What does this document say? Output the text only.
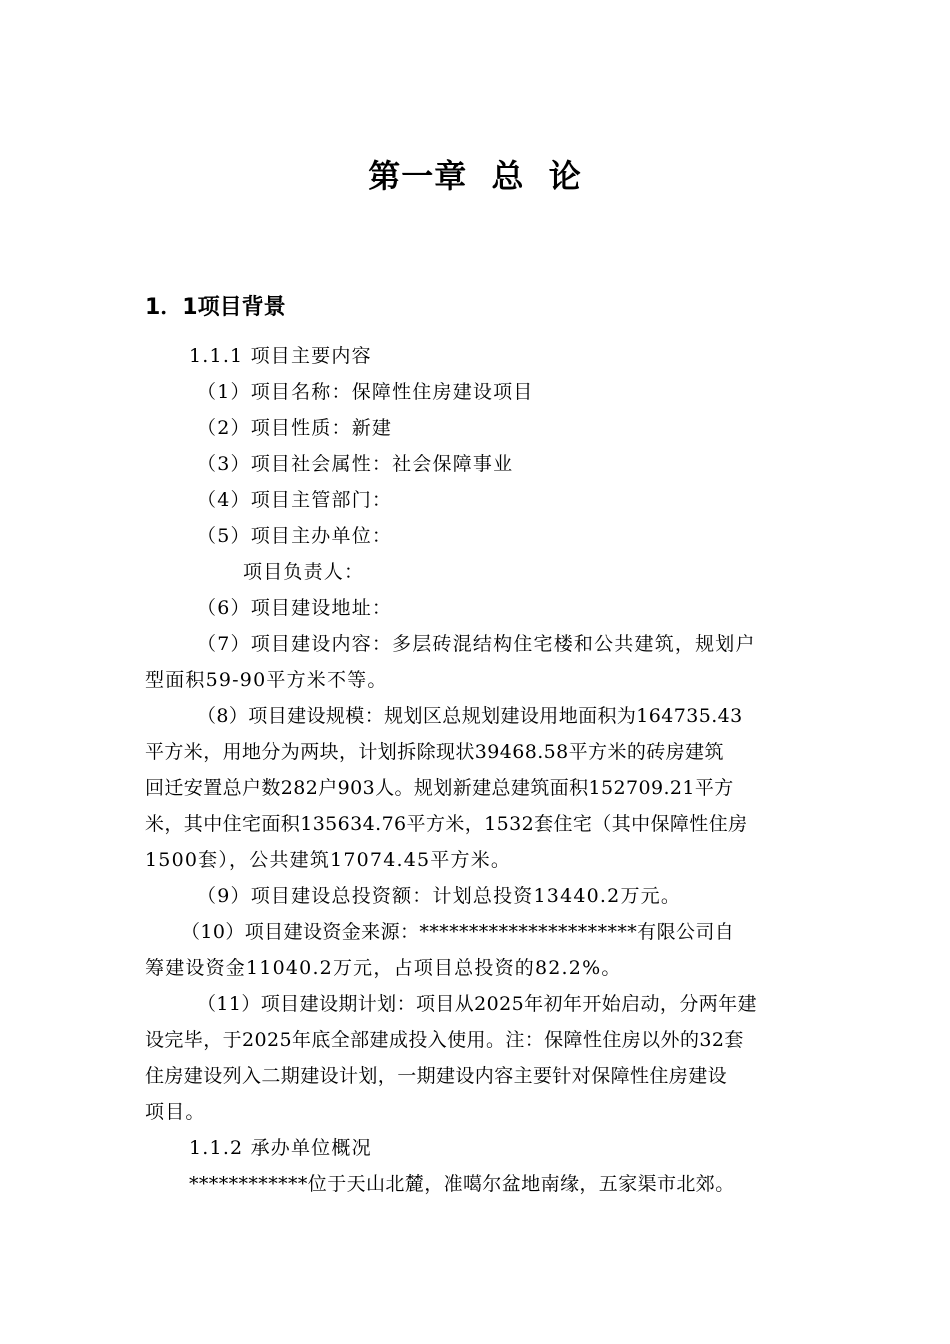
第一章  总  论
1．1项目背景
1.1.1 项目主要内容
（1）项目名称：保障性住房建设项目
（2）项目性质：新建
（3）项目社会属性：社会保障事业
（4）项目主管部门：
（5）项目主办单位：
项目负责人：
（6）项目建设地址：
（7）项目建设内容：多层砖混结构住宅楼和公共建筑，规划户
型面积59-90平方米不等。
（8）项目建设规模：规划区总规划建设用地面积为164735.43
平方米，用地分为两块，计划拆除现状39468.58平方米的砖房建筑
回迁安置总户数282户903人。规划新建总建筑面积152709.21平方
米，其中住宅面积135634.76平方米，1532套住宅（其中保障性住房
1500套），公共建筑17074.45平方米。
（9）项目建设总投资额：计划总投资13440.2万元。
（10）项目建设资金来源：**********************有限公司自
筹建设资金11040.2万元，占项目总投资的82.2%。
（11）项目建设期计划：项目从2025年初年开始启动，分两年建
设完毕，于2025年底全部建成投入使用。注：保障性住房以外的32套
住房建设列入二期建设计划，一期建设内容主要针对保障性住房建设
项目。
1.1.2 承办单位概况
************位于天山北麓，准噶尔盆地南缘，五家渠市北郊。
